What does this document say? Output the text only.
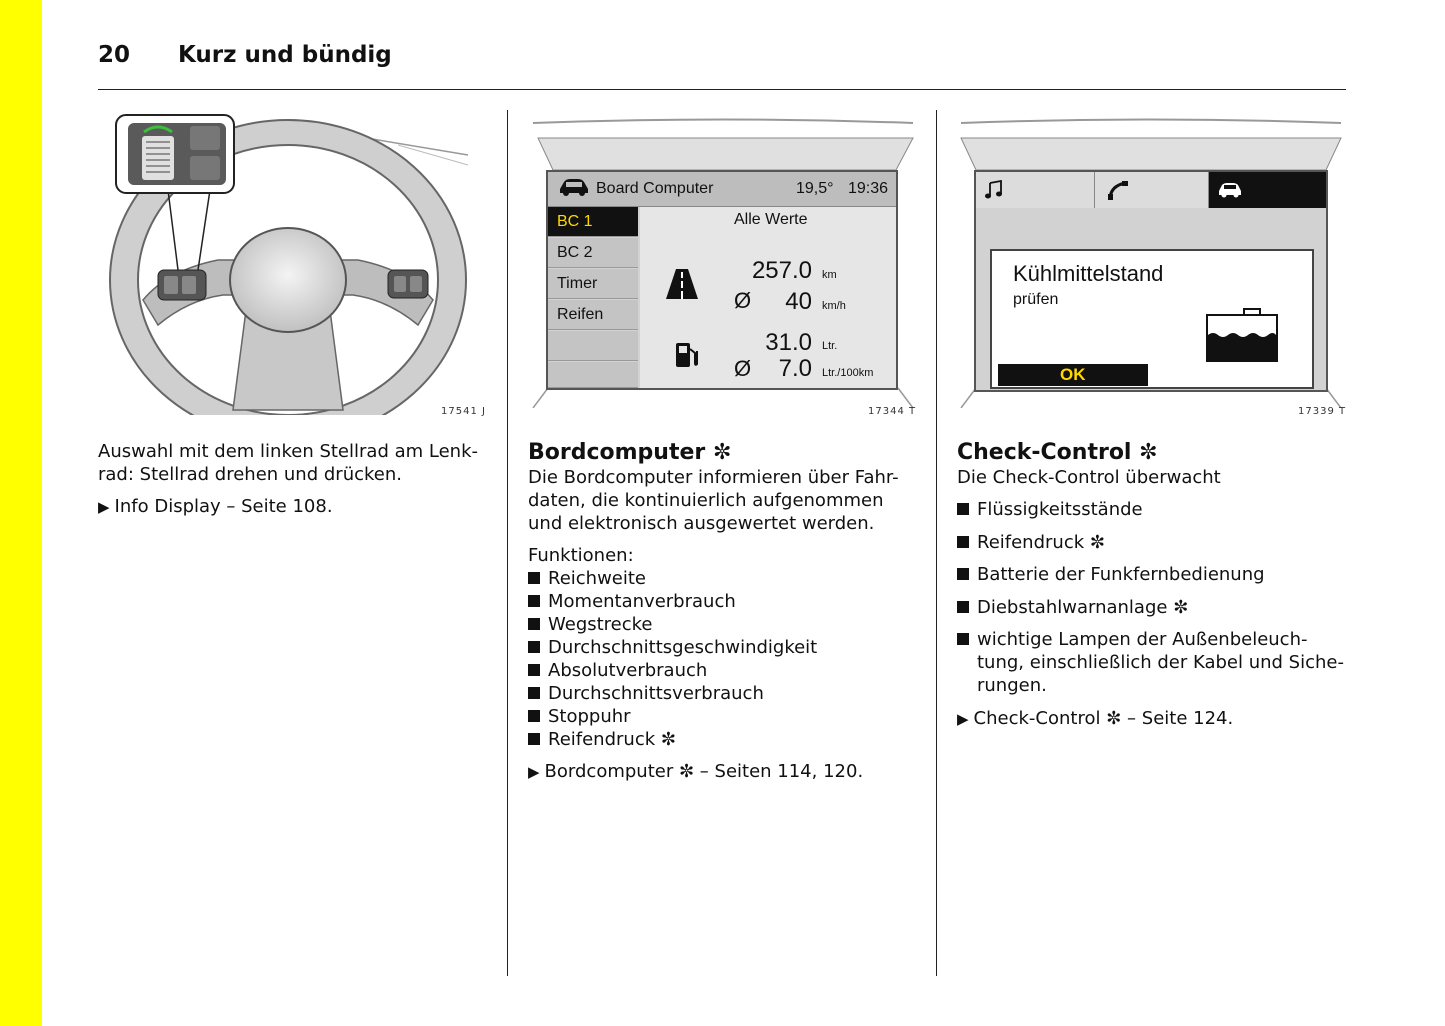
20 Kurz und bündig
17541 J
Board Computer	19,5° 19:36
BC 1
BC 2
Timer
Reifen
Alle Werte
257.0 km
Ø	40 km/h
31.0 Ltr.
Ø	7.0 Ltr./100km
17344 T
Kühlmittelstand
prüfen
OK
17339 T

Auswahl mit dem linken Stellrad am Lenk-
rad: Stellrad drehen und drücken.

▶ Info Display – Seite 108.

Bordcomputer ✼

Die Bordcomputer informieren über Fahr-
daten, die kontinuierlich aufgenommen
und elektronisch ausgewertet werden.

Funktionen:
Reichweite
Momentanverbrauch
Wegstrecke
Durchschnittsgeschwindigkeit
Absolutverbrauch
Durchschnittsverbrauch
Stoppuhr
Reifendruck ✼

▶ Bordcomputer ✼ – Seiten 114, 120.

Check-Control ✼

Die Check-Control überwacht

Flüssigkeitsstände
Reifendruck ✼
Batterie der Funkfernbedienung
Diebstahlwarnanlage ✼
wichtige Lampen der Außenbeleuch-
tung, einschließlich der Kabel und Siche-
rungen.

▶ Check-Control ✼ – Seite 124.
